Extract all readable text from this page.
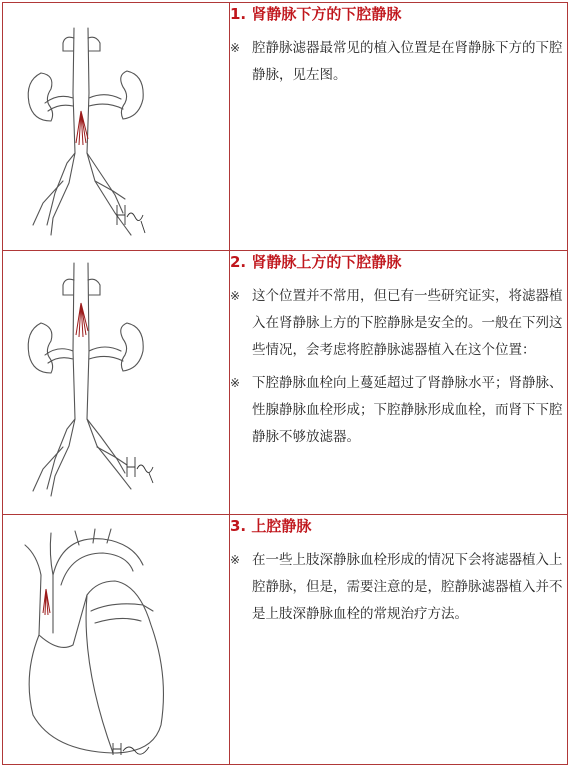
1. 肾静脉下方的下腔静脉
※ 腔静脉滤器最常见的植入位置是在肾静脉下方的下腔静脉，见左图。

2. 肾静脉上方的下腔静脉
※ 这个位置并不常用，但已有一些研究证实，将滤器植入在肾静脉上方的下腔静脉是安全的。一般在下列这些情况，会考虑将腔静脉滤器植入在这个位置：
※ 下腔静脉血栓向上蔓延超过了肾静脉水平；肾静脉、性腺静脉血栓形成；下腔静脉形成血栓，而肾下下腔静脉不够放滤器。

3. 上腔静脉
※ 在一些上肢深静脉血栓形成的情况下会将滤器植入上腔静脉，但是，需要注意的是，腔静脉滤器植入并不是上肢深静脉血栓的常规治疗方法。
